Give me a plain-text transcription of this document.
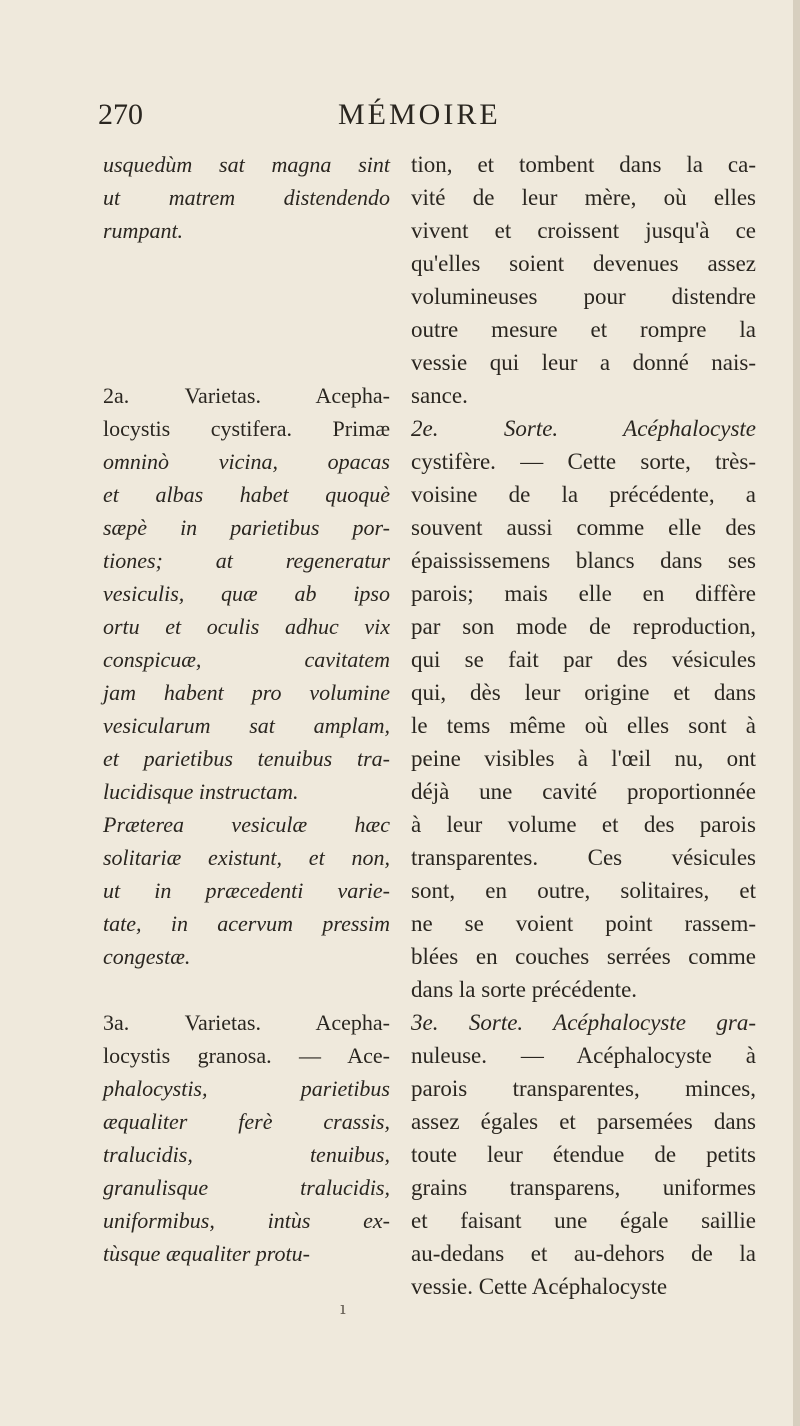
270	MÉMOIRE
usquedùm sat magna sint
ut matrem distendendo
rumpant.
2a. Varietas. Acepha-
locystis cystifera. Primæ
omninò vicina, opacas
et albas habet quoquè
sæpè in parietibus por-
tiones; at regeneratur
vesiculis, quæ ab ipso
ortu et oculis adhuc vix
conspicuæ, cavitatem
jam habent pro volumine
vesicularum sat amplam,
et parietibus tenuibus tra-
lucidisque instructam.
Præterea vesiculæ hæc
solitariæ existunt, et non,
ut in præcedenti varie-
tate, in acervum pressim
congestæ.
3a. Varietas. Acepha-
locystis granosa. — Ace-
phalocystis, parietibus
æqualiter ferè crassis,
tralucidis, tenuibus,
granulisque tralucidis,
uniformibus, intùs ex-
tùsque æqualiter protu-
tion, et tombent dans la ca-
vité de leur mère, où elles
vivent et croissent jusqu'à ce
qu'elles soient devenues assez
volumineuses pour distendre
outre mesure et rompre la
vessie qui leur a donné nais-
sance.
2e. Sorte. Acéphalocyste
cystifère. — Cette sorte, très-
voisine de la précédente, a
souvent aussi comme elle des
épaississemens blancs dans ses
parois; mais elle en diffère
par son mode de reproduction,
qui se fait par des vésicules
qui, dès leur origine et dans
le tems même où elles sont à
peine visibles à l'œil nu, ont
déjà une cavité proportionnée
à leur volume et des parois
transparentes. Ces vésicules
sont, en outre, solitaires, et
ne se voient point rassem-
blées en couches serrées comme
dans la sorte précédente.
3e. Sorte. Acéphalocyste gra-
nuleuse. — Acéphalocyste à
parois transparentes, minces,
assez égales et parsemées dans
toute leur étendue de petits
grains transparens, uniformes
et faisant une égale saillie
au-dedans et au-dehors de la
vessie. Cette Acéphalocyste
ı
